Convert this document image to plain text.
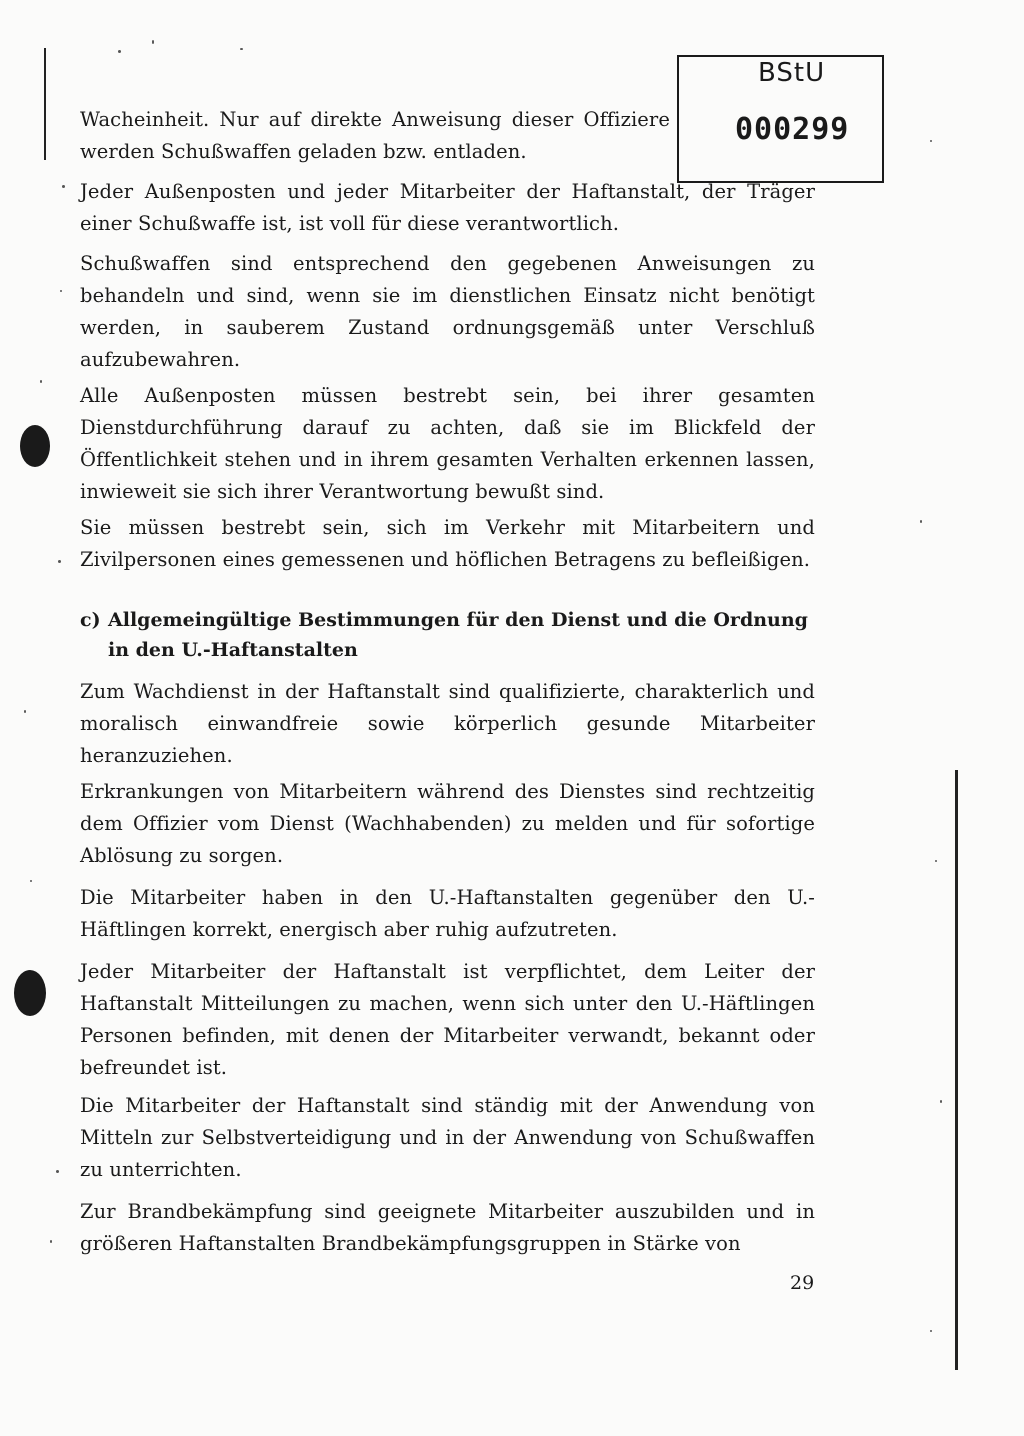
BStU
000299

Wacheinheit. Nur auf direkte Anweisung dieser Offiziere werden Schußwaffen geladen bzw. entladen.

Jeder Außenposten und jeder Mitarbeiter der Haftanstalt, der Träger einer Schußwaffe ist, ist voll für diese verantwortlich.

Schußwaffen sind entsprechend den gegebenen Anweisungen zu behandeln und sind, wenn sie im dienstlichen Einsatz nicht benötigt werden, in sauberem Zustand ordnungsgemäß unter Verschluß aufzubewahren.

Alle Außenposten müssen bestrebt sein, bei ihrer gesamten Dienstdurchführung darauf zu achten, daß sie im Blickfeld der Öffentlichkeit stehen und in ihrem gesamten Verhalten erkennen lassen, inwieweit sie sich ihrer Verantwortung bewußt sind.

Sie müssen bestrebt sein, sich im Verkehr mit Mitarbeitern und Zivilpersonen eines gemessenen und höflichen Betragens zu befleißigen.

c) Allgemeingültige Bestimmungen für den Dienst und die Ordnung
in den U.-Haftanstalten

Zum Wachdienst in der Haftanstalt sind qualifizierte, charakterlich und moralisch einwandfreie sowie körperlich gesunde Mitarbeiter heranzuziehen.

Erkrankungen von Mitarbeitern während des Dienstes sind rechtzeitig dem Offizier vom Dienst (Wachhabenden) zu melden und für sofortige Ablösung zu sorgen.

Die Mitarbeiter haben in den U.-Haftanstalten gegenüber den U.-Häftlingen korrekt, energisch aber ruhig aufzutreten.

Jeder Mitarbeiter der Haftanstalt ist verpflichtet, dem Leiter der Haftanstalt Mitteilungen zu machen, wenn sich unter den U.-Häftlingen Personen befinden, mit denen der Mitarbeiter verwandt, bekannt oder befreundet ist.

Die Mitarbeiter der Haftanstalt sind ständig mit der Anwendung von Mitteln zur Selbstverteidigung und in der Anwendung von Schußwaffen zu unterrichten.

Zur Brandbekämpfung sind geeignete Mitarbeiter auszubilden und in größeren Haftanstalten Brandbekämpfungsgruppen in Stärke von

29
